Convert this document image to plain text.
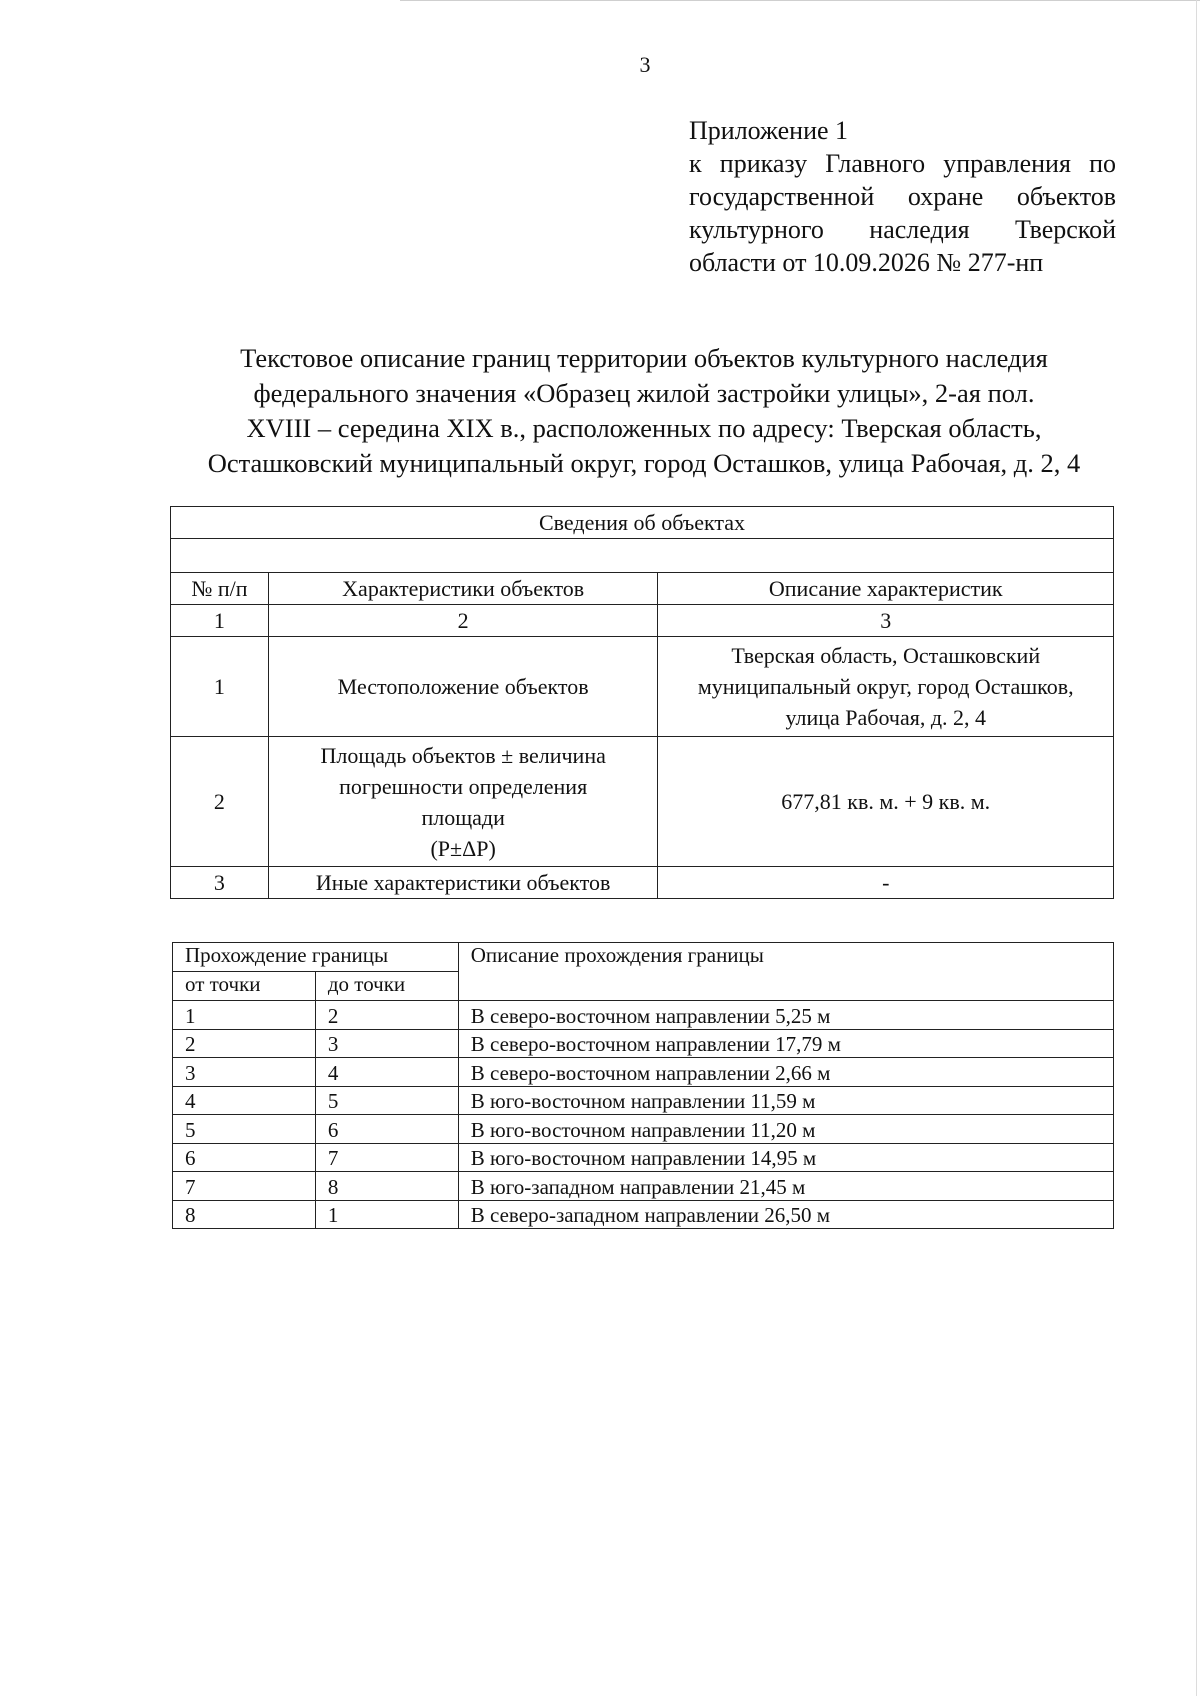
3
Приложение 1
к приказу Главного управления по
государственной охране объектов
культурного наследия Тверской
области от 10.09.2026 № 277-нп
Текстовое описание границ территории объектов культурного наследия
федерального значения «Образец жилой застройки улицы», 2-ая пол.
XVIII – середина XIX в., расположенных по адресу: Тверская область,
Осташковский муниципальный округ, город Осташков, улица Рабочая, д. 2, 4
Сведения об объектах		

№ п/п	Характеристики объектов	Описание характеристик
1	2	3
1	Местоположение объектов	Тверская область, Осташковский
муниципальный округ, город Осташков,
улица Рабочая, д. 2, 4

2	Площадь объектов ± величина
погрешности определения
площади
(Р±ΔР)	677,81 кв. м. + 9 кв. м.

3	Иные характеристики объектов	-
Прохождение границы		Описание прохождения границы
от точки	до точки	
1	2	В северо-восточном направлении 5,25 м
2	3	В северо-восточном направлении 17,79 м
3	4	В северо-восточном направлении 2,66 м
4	5	В юго-восточном направлении 11,59 м
5	6	В юго-восточном направлении 11,20 м
6	7	В юго-восточном направлении 14,95 м
7	8	В юго-западном направлении 21,45 м
8	1	В северо-западном направлении 26,50 м
